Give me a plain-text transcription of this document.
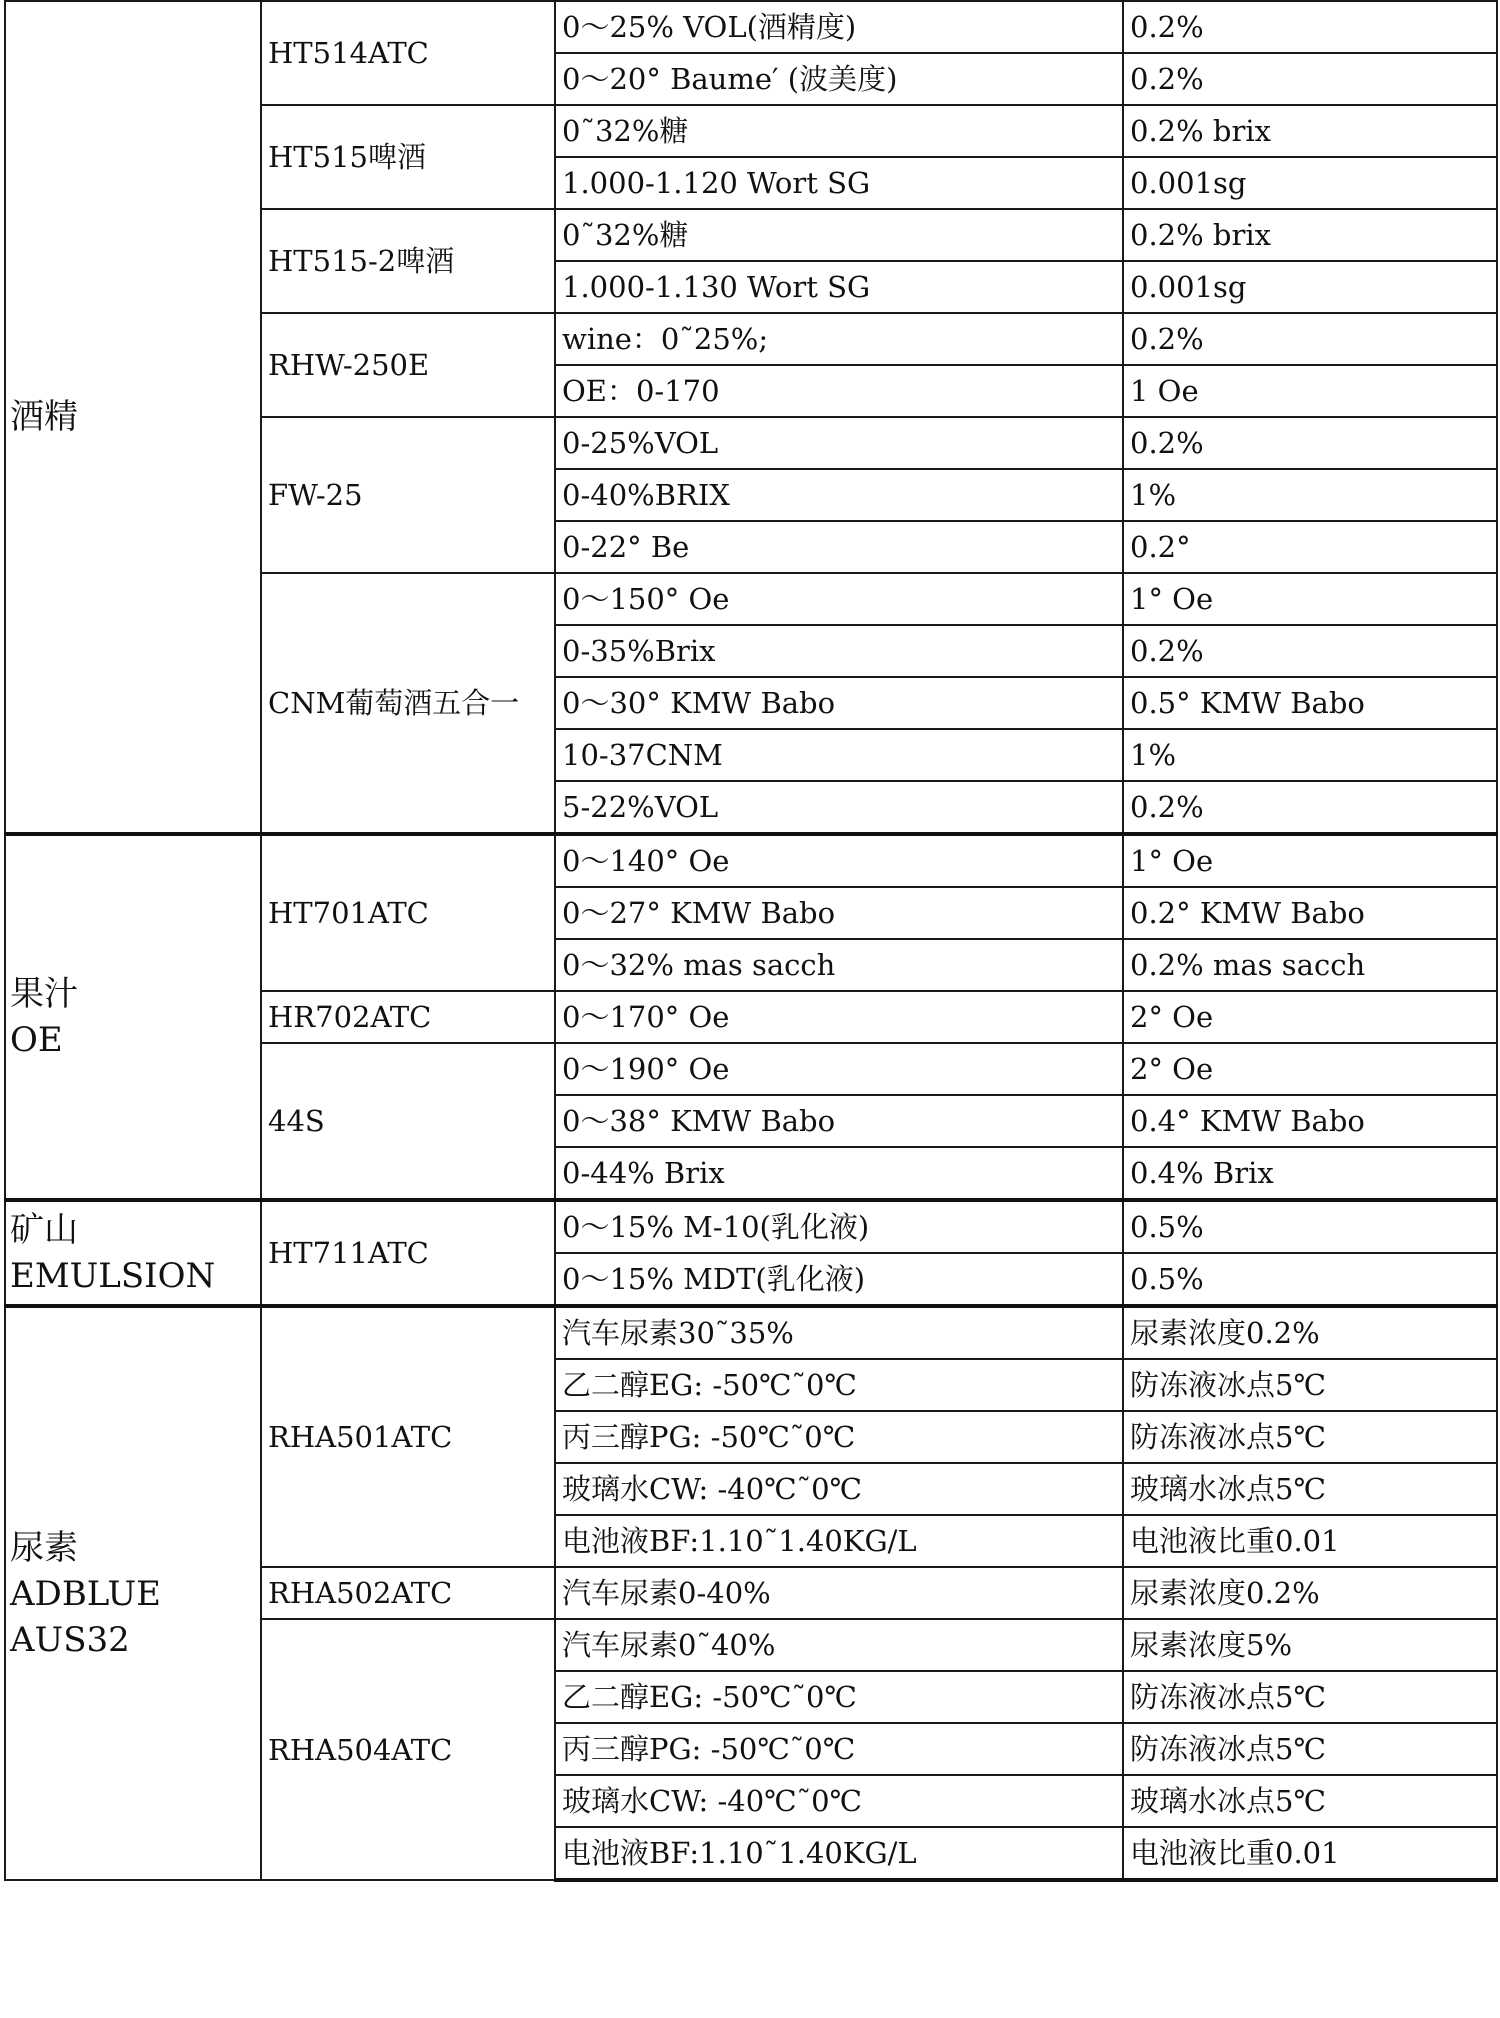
酒精	HT514ATC	0～25% VOL(酒精度)	0.2%
		0～20° Baume′ (波美度)	0.2%
	HT515啤酒	0˜32%糖	0.2% brix
		1.000-1.120 Wort SG	0.001sg
	HT515-2啤酒	0˜32%糖	0.2% brix
		1.000-1.130 Wort SG	0.001sg
	RHW-250E	wine：0˜25%;	0.2%
		OE：0-170	1 Oe
	FW-25	0-25%VOL	0.2%
		0-40%BRIX	1%
		0-22° Be	0.2°
	CNM葡萄酒五合一	0～150° Oe	1° Oe
		0-35%Brix	0.2%
		0～30° KMW Babo	0.5° KMW Babo
		10-37CNM	1%
		5-22%VOL	0.2%

果汁
OE	HT701ATC	0～140° Oe	1° Oe
		0～27° KMW Babo	0.2° KMW Babo
		0～32% mas sacch	0.2% mas sacch
	HR702ATC	0～170° Oe	2° Oe
	44S	0～190° Oe	2° Oe
		0～38° KMW Babo	0.4° KMW Babo
		0-44% Brix	0.4% Brix

矿山
EMULSION	HT711ATC	0～15% M-10(乳化液)	0.5%
		0～15% MDT(乳化液)	0.5%

尿素
ADBLUE
AUS32	RHA501ATC	汽车尿素30˜35%	尿素浓度0.2%
		乙二醇EG: -50℃˜0℃	防冻液冰点5℃
		丙三醇PG: -50℃˜0℃	防冻液冰点5℃
		玻璃水CW: -40℃˜0℃	玻璃水冰点5℃
		电池液BF:1.10˜1.40KG/L	电池液比重0.01
	RHA502ATC	汽车尿素0-40%	尿素浓度0.2%
	RHA504ATC	汽车尿素0˜40%	尿素浓度5%
		乙二醇EG: -50℃˜0℃	防冻液冰点5℃
		丙三醇PG: -50℃˜0℃	防冻液冰点5℃
		玻璃水CW: -40℃˜0℃	玻璃水冰点5℃
		电池液BF:1.10˜1.40KG/L	电池液比重0.01
